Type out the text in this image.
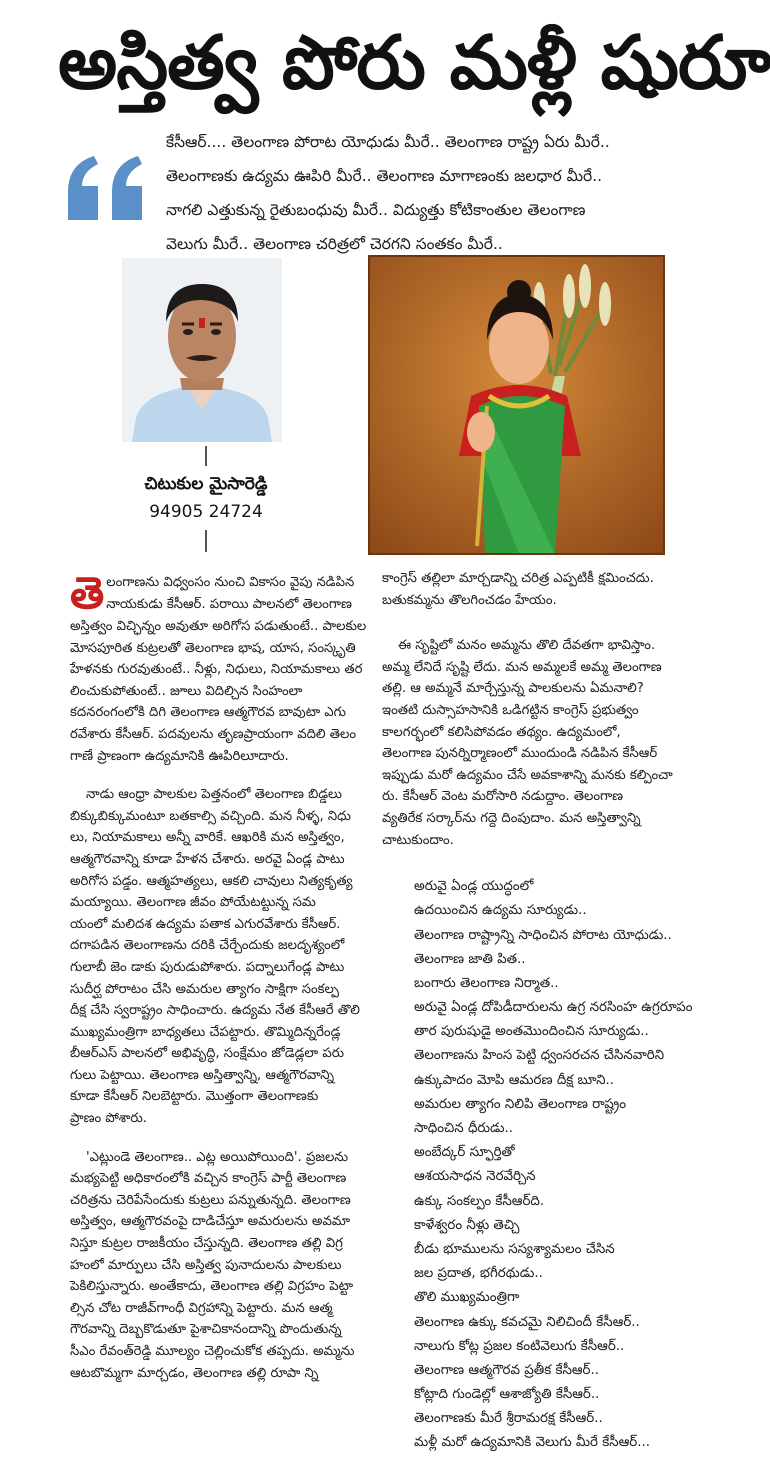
అస్తిత్వ పోరు మళ్లీ షురూ
కేసీఆర్.... తెలంగాణ పోరాట యోధుడు మీరే.. తెలంగాణ రాష్ట్ర ఏరు మీరే..
తెలంగాణకు ఉద్యమ ఊపిరి మీరే.. తెలంగాణ మాగాణంకు జలధార మీరే..
నాగలి ఎత్తుకున్న రైతుబంధువు మీరే.. విద్యుత్తు కోటికాంతుల తెలంగాణ
వెలుగు మీరే.. తెలంగాణ చరిత్రలో చెరగని సంతకం మీరే..
చిటుకుల మైసారెడ్డి
94905 24724
తె లంగాణను విధ్వంసం నుంచి వికాసం వైపు నడిపిన
నాయకుడు కేసీఆర్. పరాయి పాలనలో తెలంగాణ
అస్తిత్వం విచ్ఛిన్నం అవుతూ అరిగోస పడుతుంటే.. పాలకుల
మోసపూరిత కుట్రలతో తెలంగాణ భాష, యాస, సంస్కృతి
హేళనకు గురవుతుంటే.. నీళ్లు, నిధులు, నియామకాలు తర
లించుకుపోతుంటే.. జూలు విదిల్చిన సింహంలా
కదనరంగంలోకి దిగి తెలంగాణ ఆత్మగౌరవ బావుటా ఎగు
రవేశారు కేసీఆర్. పదవులను తృణప్రాయంగా వదిలి తెలం
గాణే ప్రాణంగా ఉద్యమానికి ఊపిరిలూదారు.
నాడు ఆంధ్రా పాలకుల పెత్తనంలో తెలంగాణ బిడ్డలు
బిక్కుబిక్కుమంటూ బతకాల్సి వచ్చింది. మన నీళ్ళ, నిధు
లు, నియామకాలు అన్నీ వారికే. ఆఖరికి మన అస్తిత్వం,
ఆత్మగౌరవాన్ని కూడా హేళన చేశారు. అరవై ఏండ్ల పాటు
అరిగోస పడ్డం. ఆత్మహత్యలు, ఆకలి చావులు నిత్యకృత్య
మయ్యాయి. తెలంగాణ జీవం పోయేటట్టున్న సమ
యంలో మలిదశ ఉద్యమ పతాక ఎగురవేశారు కేసీఆర్.
దగాపడిన తెలంగాణను దరికి చేర్చేందుకు జలదృశ్యంలో
గులాబీ జెం డాకు పురుడుపోశారు. పద్నాలుగేండ్ల పాటు
సుదీర్ఘ పోరాటం చేసి అమరుల త్యాగం సాక్షిగా సంకల్ప
దీక్ష చేసి స్వరాష్ట్రం సాధించారు. ఉద్యమ నేత కేసీఆరే తొలి
ముఖ్యమంత్రిగా బాధ్యతలు చేపట్టారు. తొమ్మిదిన్నరేండ్ల
బీఆర్ఎస్ పాలనలో అభివృద్ధి, సంక్షేమం జోడెడ్లలా పరు
గులు పెట్టాయి. తెలంగాణ అస్తిత్వాన్ని, ఆత్మగౌరవాన్ని
కూడా కేసీఆర్ నిలబెట్టారు. మొత్తంగా తెలంగాణకు
ప్రాణం పోశారు.
'ఎట్లుండె తెలంగాణ.. ఎట్ల అయిపోయింది'. ప్రజలను
మభ్యపెట్టి అధికారంలోకి వచ్చిన కాంగ్రెస్ పార్టీ తెలంగాణ
చరిత్రను చెరిపేసేందుకు కుట్రలు పన్నుతున్నది. తెలంగాణ
అస్తిత్వం, ఆత్మగౌరవంపై దాడిచేస్తూ అమరులను అవమా
నిస్తూ కుట్రల రాజకీయం చేస్తున్నది. తెలంగాణ తల్లి విగ్ర
హంలో మార్పులు చేసి అస్తిత్వ పునాదులను పాలకులు
పెకిలిస్తున్నారు. అంతేకాదు, తెలంగాణ తల్లి విగ్రహం పెట్టా
ల్సిన చోట రాజీవ్‌గాంధీ విగ్రహాన్ని పెట్టారు. మన ఆత్మ
గౌరవాన్ని దెబ్బకొడుతూ పైశాచికానందాన్ని పొందుతున్న
సీఎం రేవంత్‌రెడ్డి మూల్యం చెల్లించుకోక తప్పదు. అమ్మను
ఆటబొమ్మగా మార్చడం, తెలంగాణ తల్లి రూపా న్ని
కాంగ్రెస్ తల్లిలా మార్చడాన్ని చరిత్ర ఎప్పటికీ క్షమించదు.
బతుకమ్మను తొలగించడం హేయం.
ఈ సృష్టిలో మనం అమ్మను తొలి దేవతగా భావిస్తాం.
అమ్మ లేనిదే సృష్టి లేదు. మన అమ్మలకే అమ్మ తెలంగాణ
తల్లి. ఆ అమ్మనే మార్చేస్తున్న పాలకులను ఏమనాలి?
ఇంతటి దుస్సాహసానికి ఒడిగట్టిన కాంగ్రెస్ ప్రభుత్వం
కాలగర్భంలో కలిసిపోవడం తథ్యం. ఉద్యమంలో,
తెలంగాణ పునర్నిర్మాణంలో ముందుండి నడిపిన కేసీఆర్
ఇప్పుడు మరో ఉద్యమం చేసే అవకాశాన్ని మనకు కల్పించా
రు. కేసీఆర్ వెంట మరోసారి నడుద్దాం. తెలంగాణ
వ్యతిరేక సర్కార్‌ను గద్దె దింపుదాం. మన అస్తిత్వాన్ని
చాటుకుందాం.
అరువై ఏండ్ల యుద్ధంలో
ఉదయించిన ఉద్యమ సూర్యుడు..
తెలంగాణ రాష్ట్రాన్ని సాధించిన పోరాట యోధుడు..
తెలంగాణ జాతి పిత..
బంగారు తెలంగాణ నిర్మాత..
అరువై ఏండ్ల దోపిడీదారులను ఉగ్ర నరసింహ ఉగ్రరూపం
తార పురుషుడై అంతమొందించిన సూర్యుడు..
తెలంగాణను హింస పెట్టి ధ్వంసరచన చేసినవారిని
ఉక్కుపాదం మోపి ఆమరణ దీక్ష బూని..
అమరుల త్యాగం నిలిపి తెలంగాణ రాష్ట్రం
సాధించిన ధీరుడు..
అంబేద్కర్ స్ఫూర్తితో
ఆశయసాధన నెరవేర్చిన
ఉక్కు సంకల్పం కేసీఆర్‌ది.
కాళేశ్వరం నీళ్లు తెచ్చి
బీడు భూములను సస్యశ్యామలం చేసిన
జల ప్రదాత, భగీరథుడు..
తొలి ముఖ్యమంత్రిగా
తెలంగాణ ఉక్కు కవచమై నిలిచిందీ కేసీఆర్..
నాలుగు కోట్ల ప్రజల కంటివెలుగు కేసీఆర్..
తెలంగాణ ఆత్మగౌరవ ప్రతీక కేసీఆర్..
కోట్లాది గుండెల్లో ఆశాజ్యోతి కేసీఆర్..
తెలంగాణకు మీరే శ్రీరామరక్ష కేసీఆర్..
మళ్లీ మరో ఉద్యమానికి వెలుగు మీరే కేసీఆర్...
